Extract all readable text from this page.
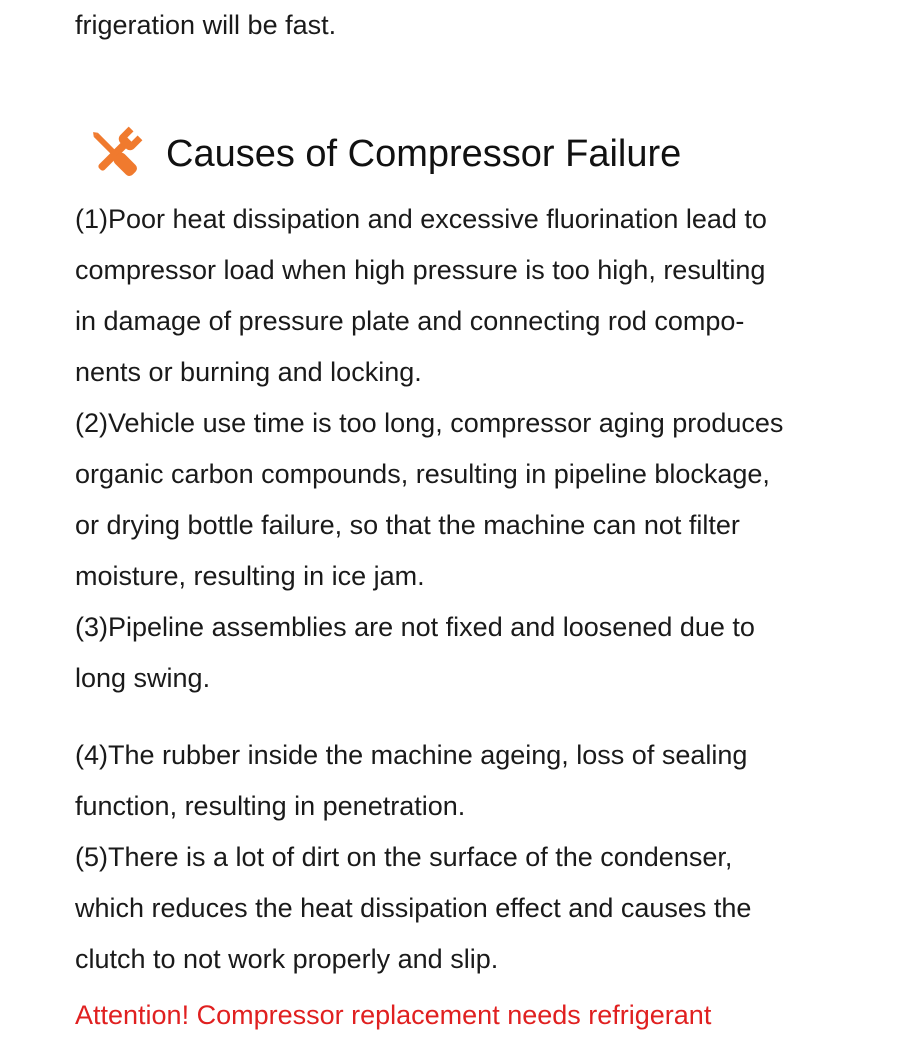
frigeration will be fast.

Causes of Compressor Failure

(1)Poor heat dissipation and excessive fluorination lead to

compressor load when high pressure is too high, resulting

in damage of pressure plate and connecting rod compo-

nents or burning and locking.

(2)Vehicle use time is too long, compressor aging produces

organic carbon compounds, resulting in pipeline blockage,

or drying bottle failure, so that the machine can not filter

moisture, resulting in ice jam.

(3)Pipeline assemblies are not fixed and loosened due to

long swing.

(4)The rubber inside the machine ageing, loss of sealing

function, resulting in penetration.

(5)There is a lot of dirt on the surface of the condenser,

which reduces the heat dissipation effect and causes the

clutch to not work properly and slip.

Attention! Compressor replacement needs refrigerant
